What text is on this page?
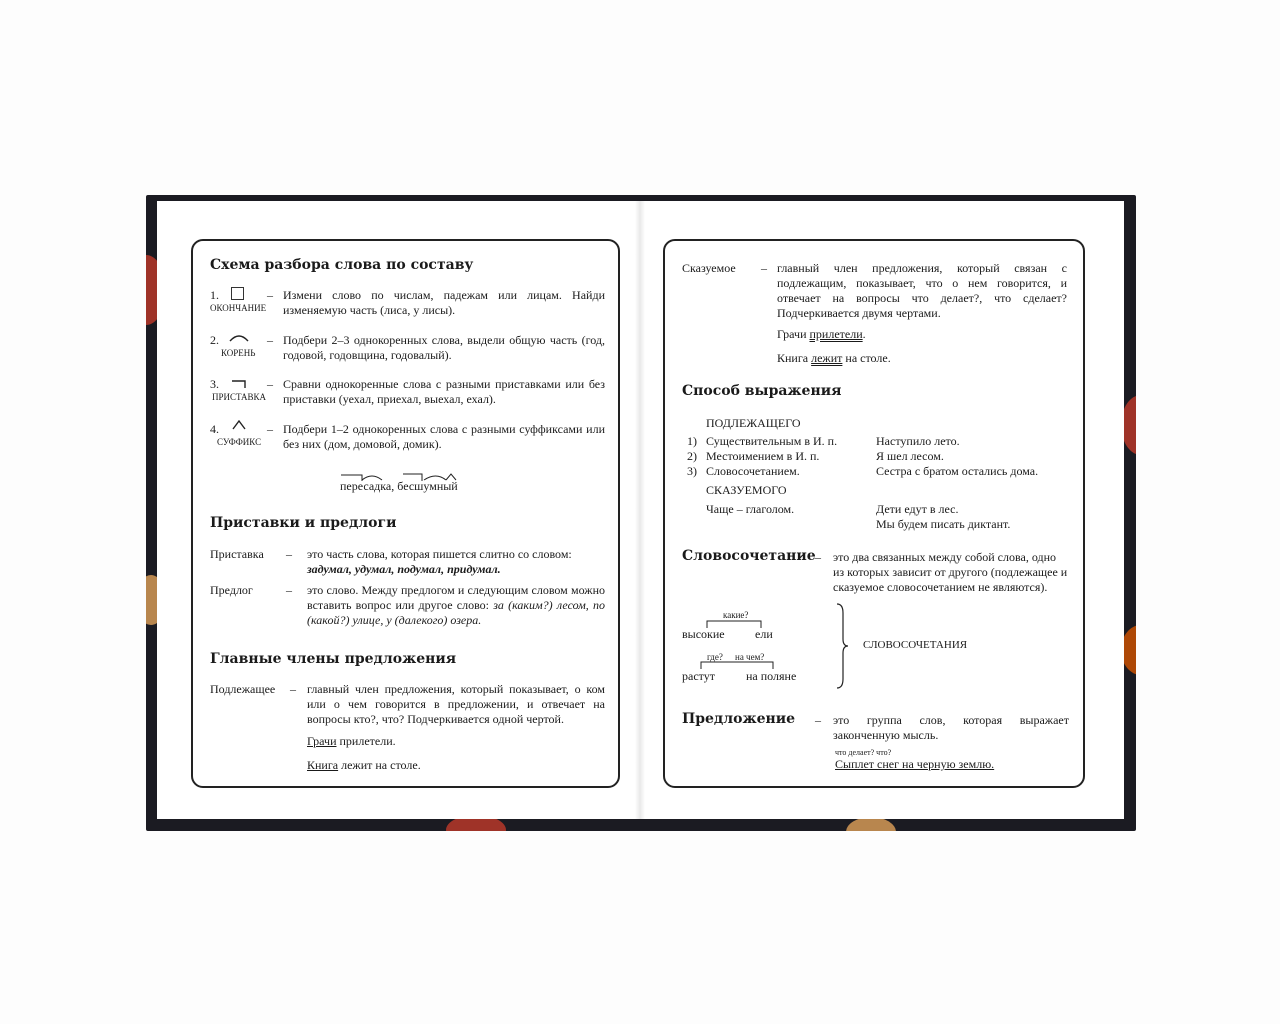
Схема разбора слова по составу
1.
ОКОНЧАНИЕ
– Измени слово по числам, падежам или лицам. Найди изменяемую часть (лиса, у лисы).
2.
КОРЕНЬ
– Подбери 2–3 однокоренных слова, выдели общую часть (год, годовой, годовщина, годовалый).
3.
ПРИСТАВКА
– Сравни однокоренные слова с разными приставками или без приставки (уехал, приехал, выехал, ехал).
4.
СУФФИКС
– Подбери 1–2 однокоренных слова с разными суффиксами или без них (дом, домовой, домик).
пересадка, бесшумный
Приставки и предлоги
Приставка – это часть слова, которая пишется слитно со словом: задумал, удумал, подумал, придумал.
Предлог	– это слово. Между предлогом и следующим словом можно вставить вопрос или другое слово: за (каким?) лесом, по (какой?) улице, у (далекого) озера.
Главные члены предложения
Подлежащее – главный член предложения, который показывает, о ком или о чем говорится в предложении, и отвечает на вопросы кто?, что? Подчеркивается одной чертой.
Грачи прилетели.
Книга лежит на столе.
Сказуемое – главный член предложения, который связан с подлежащим, показывает, что о нем говорится, и отвечает на вопросы что делает?, что сделает? Подчеркивается двумя чертами.
Грачи прилетели.
Книга лежит на столе.
Способ выражения
ПОДЛЕЖАЩЕГО
1) Существительным в И. п.	Наступило лето.
2) Местоимением в И. п.	Я шел лесом.
3) Словосочетанием.	Сестра с братом остались дома.
СКАЗУЕМОГО
Чаще – глаголом.	Дети едут в лес.
Мы будем писать диктант.
Словосочетание – это два связанных между собой слова, одно из которых зависит от другого (подлежащее и сказуемое словосочетанием не являются).
какие?
высокие	ели
где? на чем?
растут	на поляне
СЛОВОСОЧЕТАНИЯ
Предложение – это группа слов, которая выражает законченную мысль.
что делает? что?
Сыплет снег на черную землю.
